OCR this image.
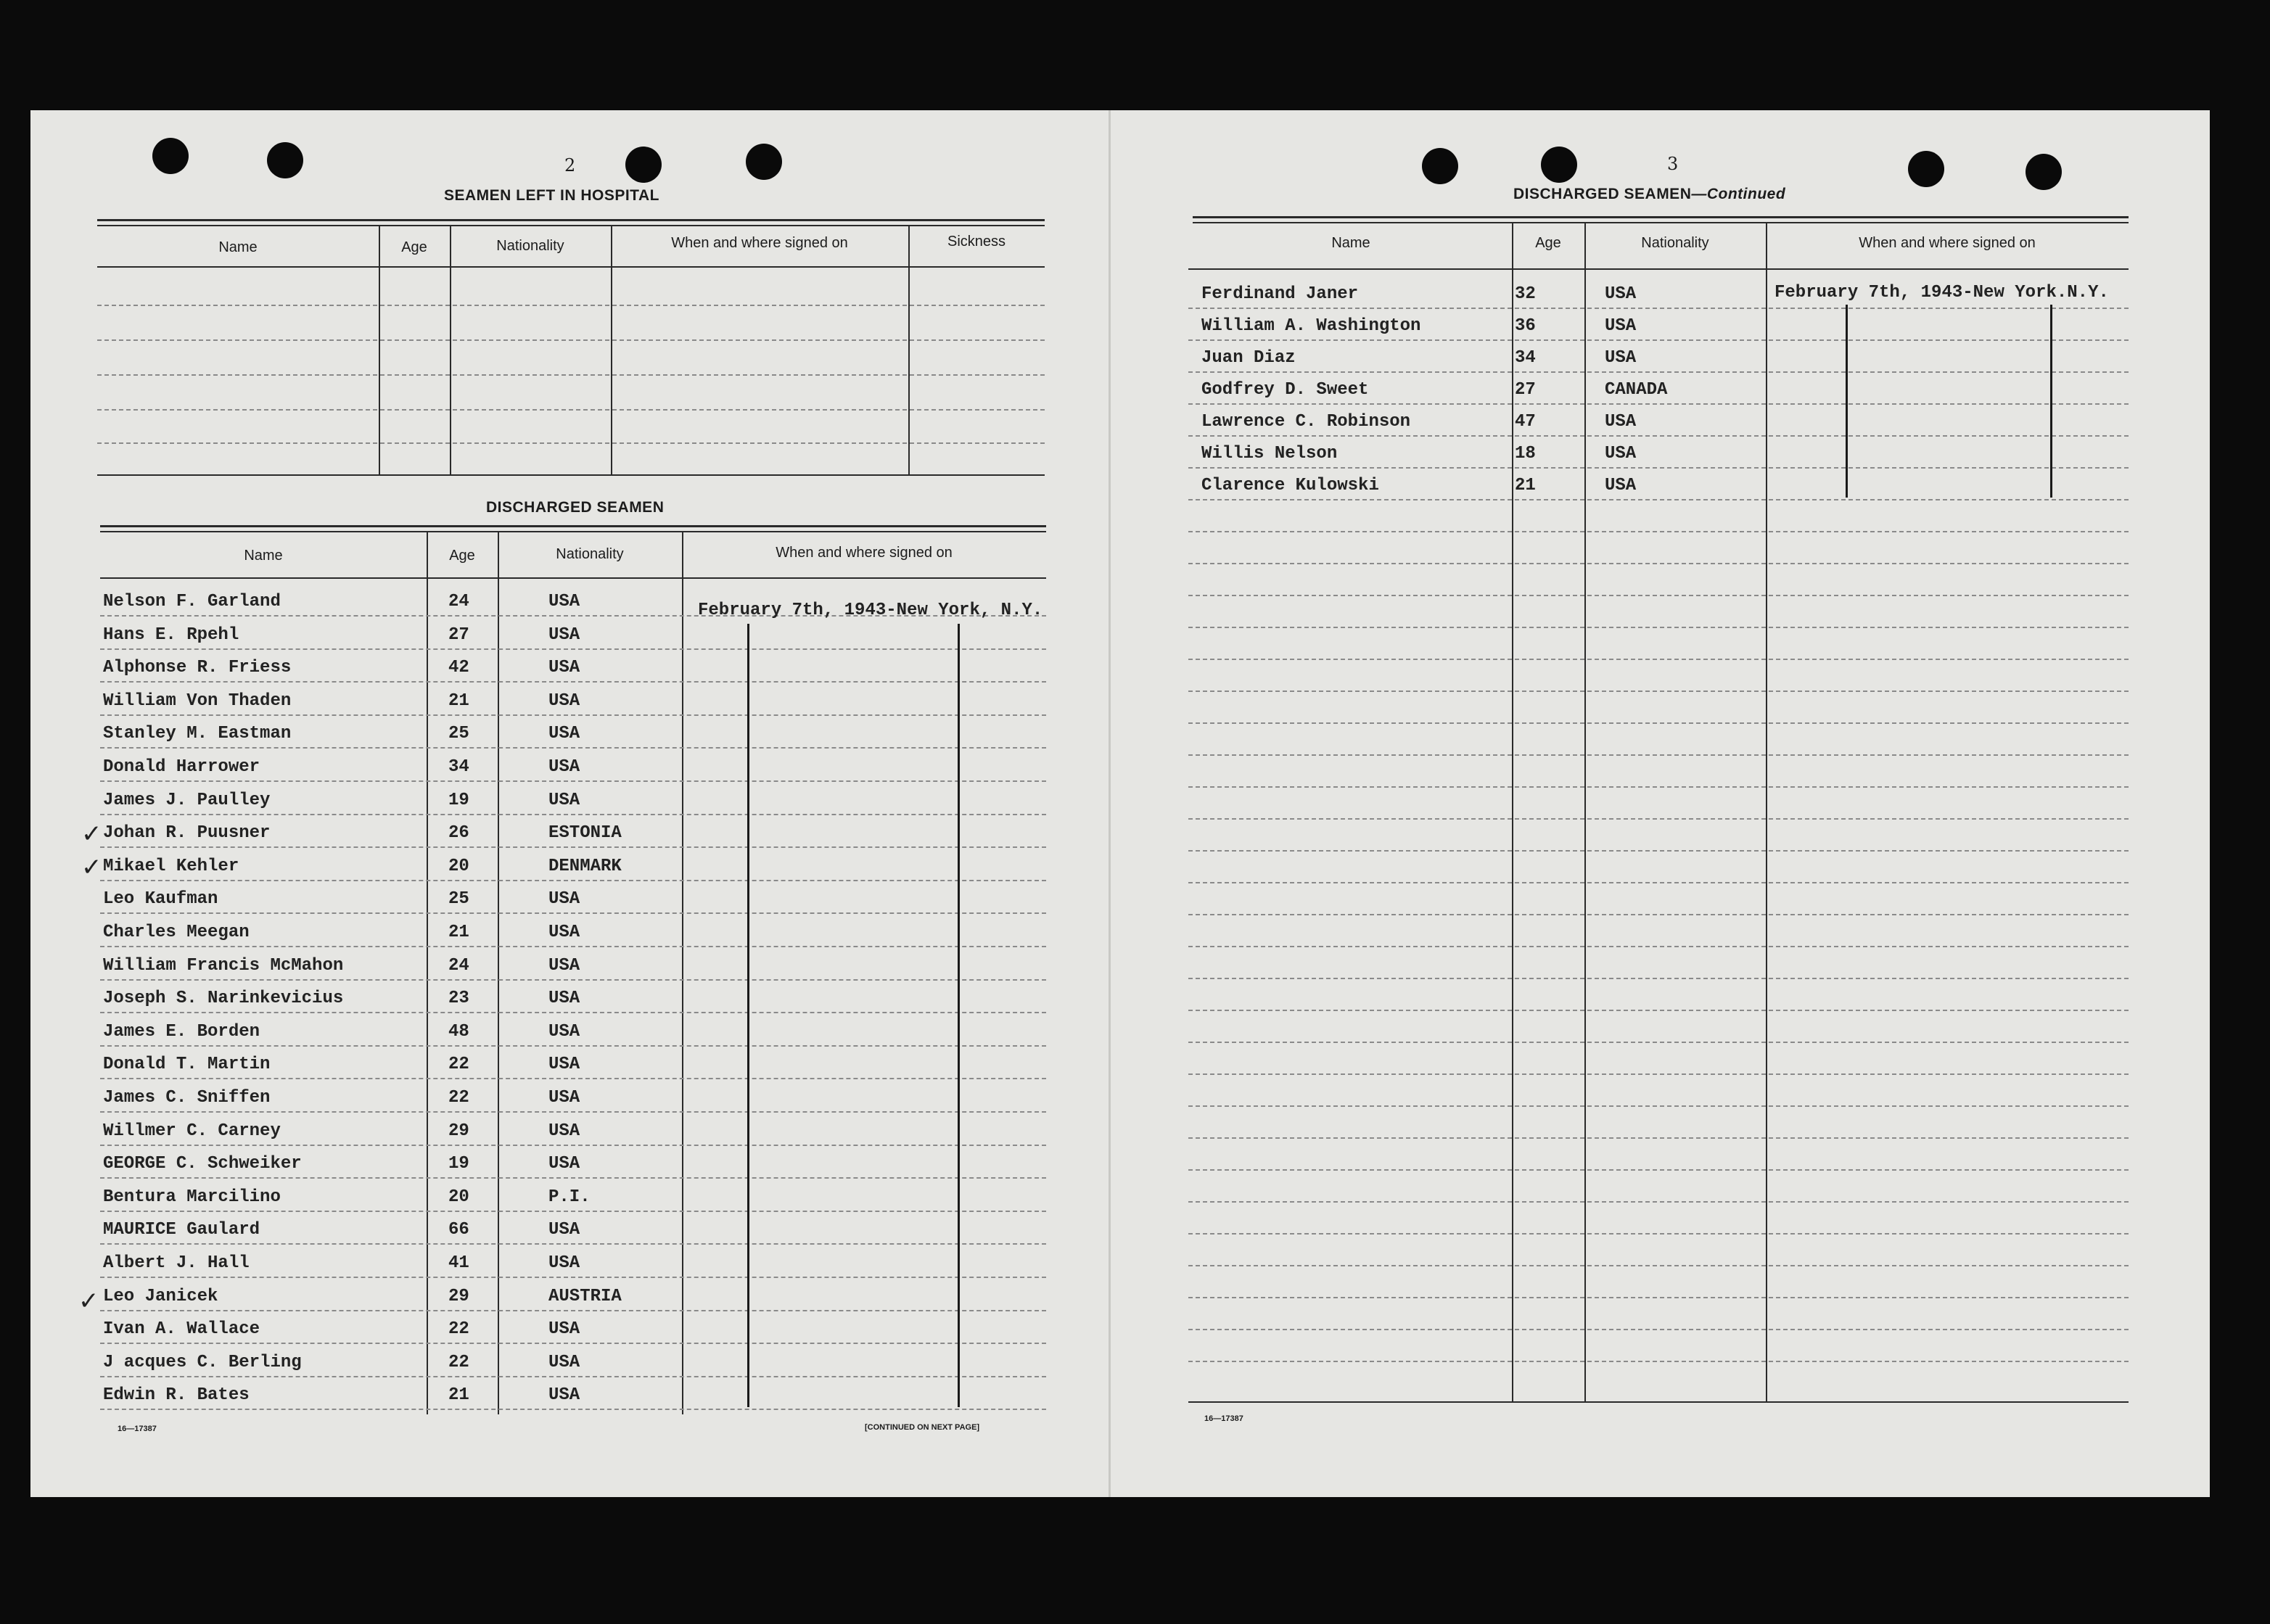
2
SEAMEN LEFT IN HOSPITAL
Name	Age	Nationality	When and where signed on	Sickness
DISCHARGED SEAMEN
Name	Age	Nationality	When and where signed on
Nelson F. Garland	24	USA
Hans E. Rpehl	27	USA
Alphonse R. Friess	42	USA
William Von Thaden	21	USA
Stanley M. Eastman	25	USA
Donald Harrower	34	USA
James J. Paulley	19	USA
Johan R. Puusner	26	ESTONIA
Mikael Kehler	20	DENMARK
Leo Kaufman	25	USA
Charles Meegan	21	USA
William Francis McMahon	24	USA
Joseph S. Narinkevicius	23	USA
James E. Borden	48	USA
Donald T. Martin	22	USA
James C. Sniffen	22	USA
Willmer C. Carney	29	USA
GEORGE C. Schweiker	19	USA
Bentura Marcilino	20	P.I.
MAURICE Gaulard	66	USA
Albert J. Hall	41	USA
Leo Janicek	29	AUSTRIA
Ivan A. Wallace	22	USA
J acques C. Berling	22	USA
Edwin R. Bates	21	USA
February 7th, 1943-New York, N.Y.
✓
✓
✓
16—17387	[CONTINUED ON NEXT PAGE]
3
DISCHARGED SEAMEN—Continued
Name	Age	Nationality	When and where signed on
Ferdinand Janer	32	USA
William A. Washington	36	USA
Juan Diaz	34	USA
Godfrey D. Sweet	27	CANADA
Lawrence C. Robinson	47	USA
Willis Nelson	18	USA
Clarence Kulowski	21	USA
February 7th, 1943-New York.N.Y.
16—17387
